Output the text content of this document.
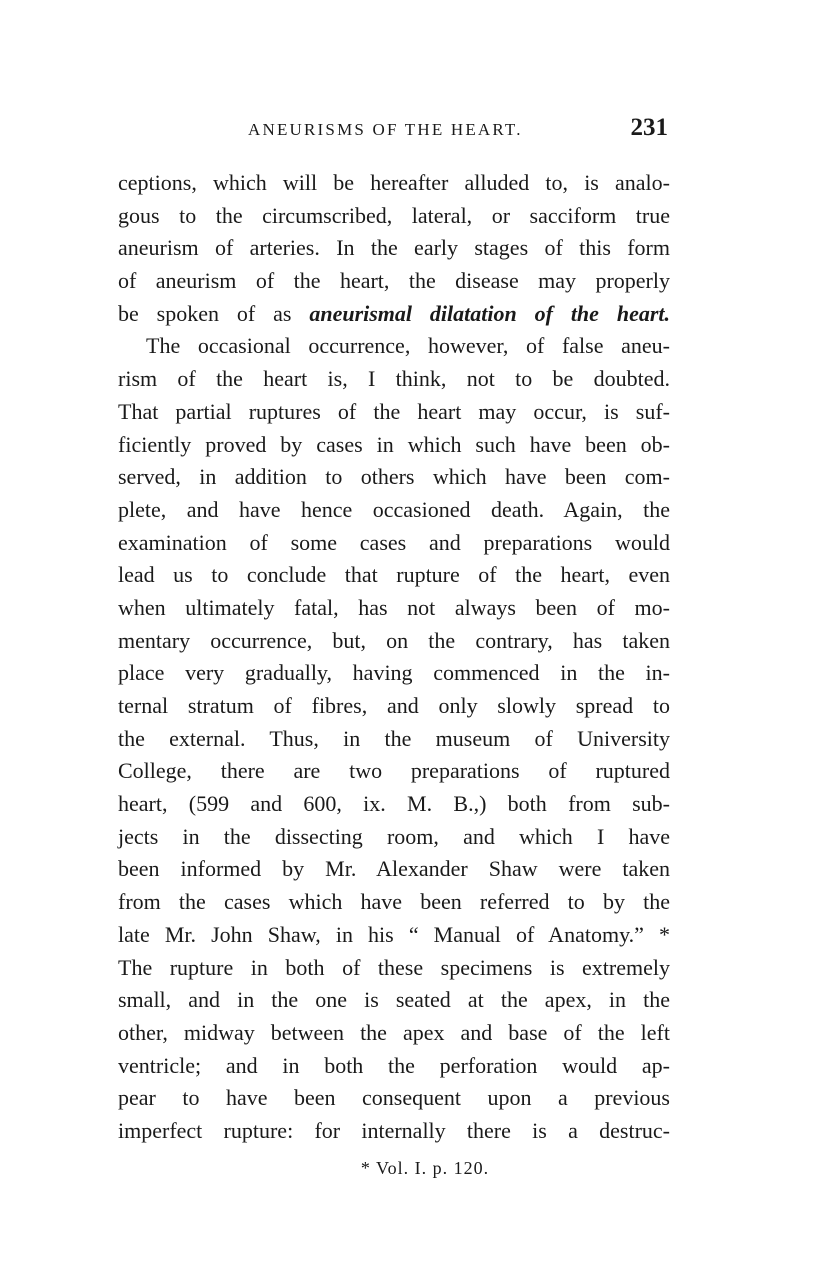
ANEURISMS OF THE HEART.	231
ceptions, which will be hereafter alluded to, is analo-
gous to the circumscribed, lateral, or sacciform true
aneurism of arteries. In the early stages of this form
of aneurism of the heart, the disease may properly
be spoken of as aneurismal dilatation of the heart.
The occasional occurrence, however, of false aneu-
rism of the heart is, I think, not to be doubted.
That partial ruptures of the heart may occur, is suf-
ficiently proved by cases in which such have been ob-
served, in addition to others which have been com-
plete, and have hence occasioned death. Again, the
examination of some cases and preparations would
lead us to conclude that rupture of the heart, even
when ultimately fatal, has not always been of mo-
mentary occurrence, but, on the contrary, has taken
place very gradually, having commenced in the in-
ternal stratum of fibres, and only slowly spread to
the external. Thus, in the museum of University
College, there are two preparations of ruptured
heart, (599 and 600, ix. M. B.,) both from sub-
jects in the dissecting room, and which I have
been informed by Mr. Alexander Shaw were taken
from the cases which have been referred to by the
late Mr. John Shaw, in his “ Manual of Anatomy.” *
The rupture in both of these specimens is extremely
small, and in the one is seated at the apex, in the
other, midway between the apex and base of the left
ventricle; and in both the perforation would ap-
pear to have been consequent upon a previous
imperfect rupture: for internally there is a destruc-
* Vol. I. p. 120.
